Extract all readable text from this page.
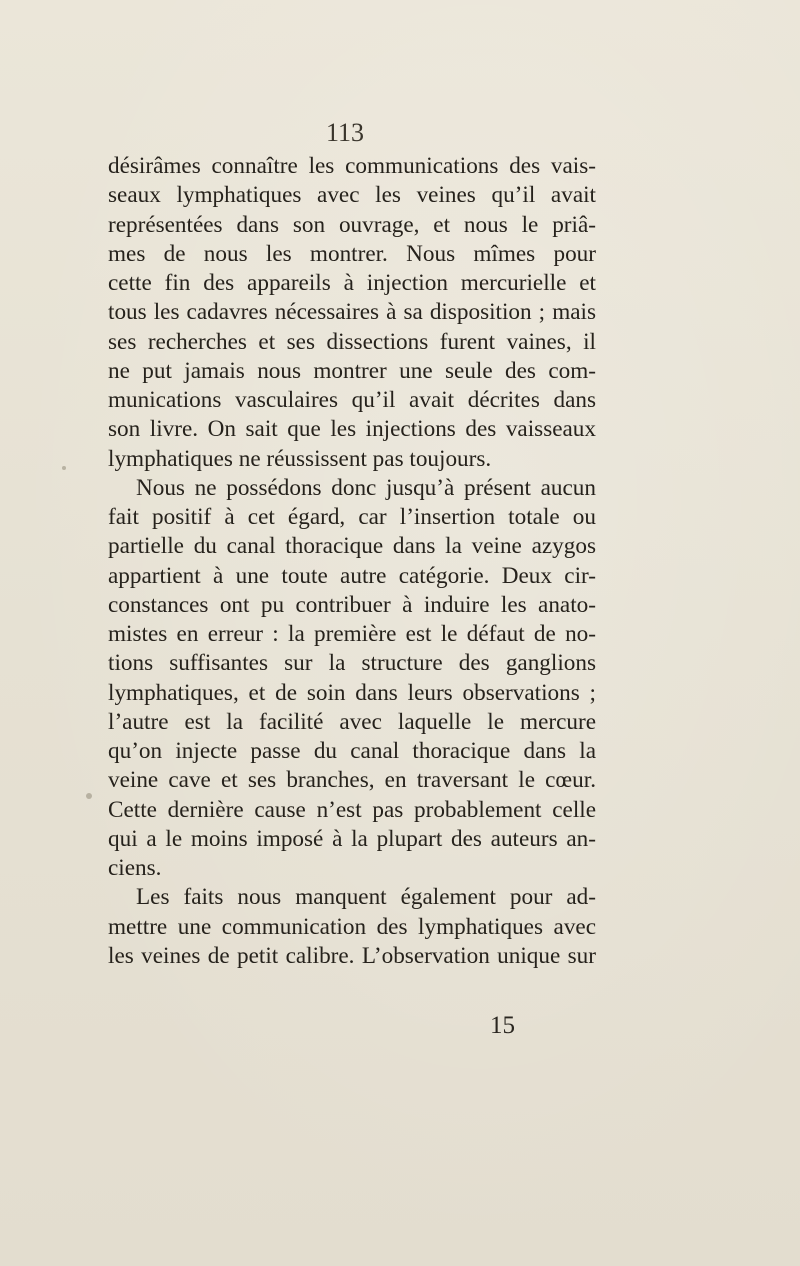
113
désirâmes connaître les communications des vais-
seaux lymphatiques avec les veines qu’il avait
représentées dans son ouvrage, et nous le priâ-
mes de nous les montrer. Nous mîmes pour
cette fin des appareils à injection mercurielle et
tous les cadavres nécessaires à sa disposition ; mais
ses recherches et ses dissections furent vaines, il
ne put jamais nous montrer une seule des com-
munications vasculaires qu’il avait décrites dans
son livre. On sait que les injections des vaisseaux
lymphatiques ne réussissent pas toujours.
Nous ne possédons donc jusqu’à présent aucun
fait positif à cet égard, car l’insertion totale ou
partielle du canal thoracique dans la veine azygos
appartient à une toute autre catégorie. Deux cir-
constances ont pu contribuer à induire les anato-
mistes en erreur : la première est le défaut de no-
tions suffisantes sur la structure des ganglions
lymphatiques, et de soin dans leurs observations ;
l’autre est la facilité avec laquelle le mercure
qu’on injecte passe du canal thoracique dans la
veine cave et ses branches, en traversant le cœur.
Cette dernière cause n’est pas probablement celle
qui a le moins imposé à la plupart des auteurs an-
ciens.
Les faits nous manquent également pour ad-
mettre une communication des lymphatiques avec
les veines de petit calibre. L’observation unique sur
15
